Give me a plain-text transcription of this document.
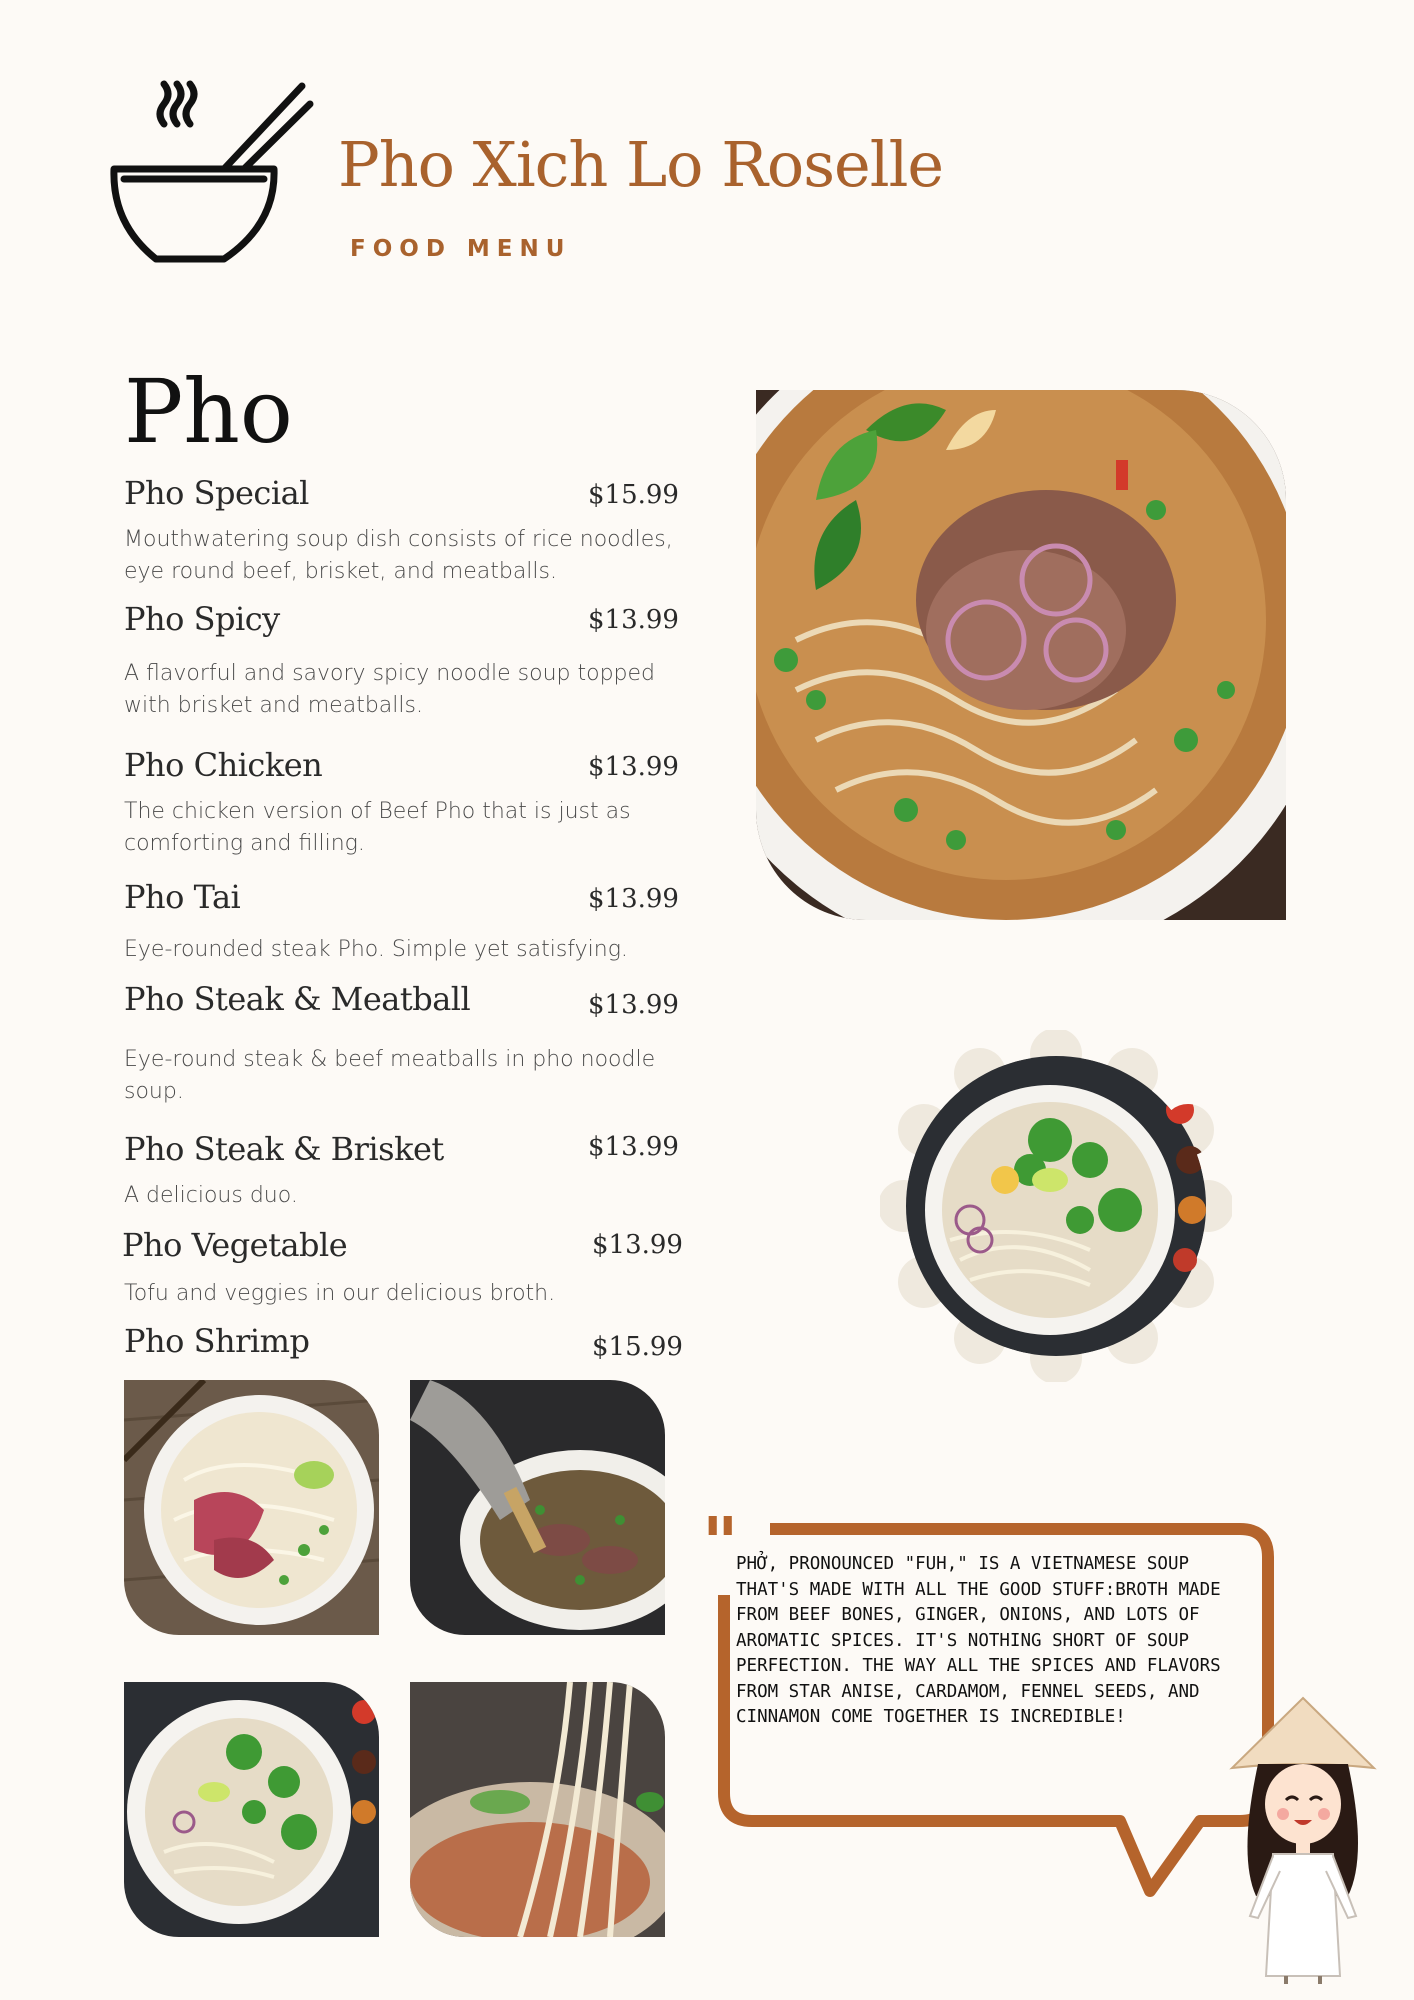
Pho Xich Lo Roselle
FOOD MENU
Pho
Pho Special	$15.99
Mouthwatering soup dish consists of rice noodles, eye round beef, brisket, and meatballs.
Pho Spicy	$13.99
A flavorful and savory spicy noodle soup topped with brisket and meatballs.
Pho Chicken	$13.99
The chicken version of Beef Pho that is just as comforting and filling.
Pho Tai	$13.99
Eye-rounded steak Pho. Simple yet satisfying.
Pho Steak & Meatball	$13.99
Eye-round steak & beef meatballs in pho noodle soup.
Pho Steak & Brisket	$13.99
A delicious duo.
Pho Vegetable	$13.99
Tofu and veggies in our delicious broth.
Pho Shrimp	$15.99
"
PHỞ, PRONOUNCED "FUH," IS A VIETNAMESE SOUP THAT'S MADE WITH ALL THE GOOD STUFF:BROTH MADE FROM BEEF BONES, GINGER, ONIONS, AND LOTS OF AROMATIC SPICES. IT'S NOTHING SHORT OF SOUP PERFECTION. THE WAY ALL THE SPICES AND FLAVORS FROM STAR ANISE, CARDAMOM, FENNEL SEEDS, AND CINNAMON COME TOGETHER IS INCREDIBLE!
